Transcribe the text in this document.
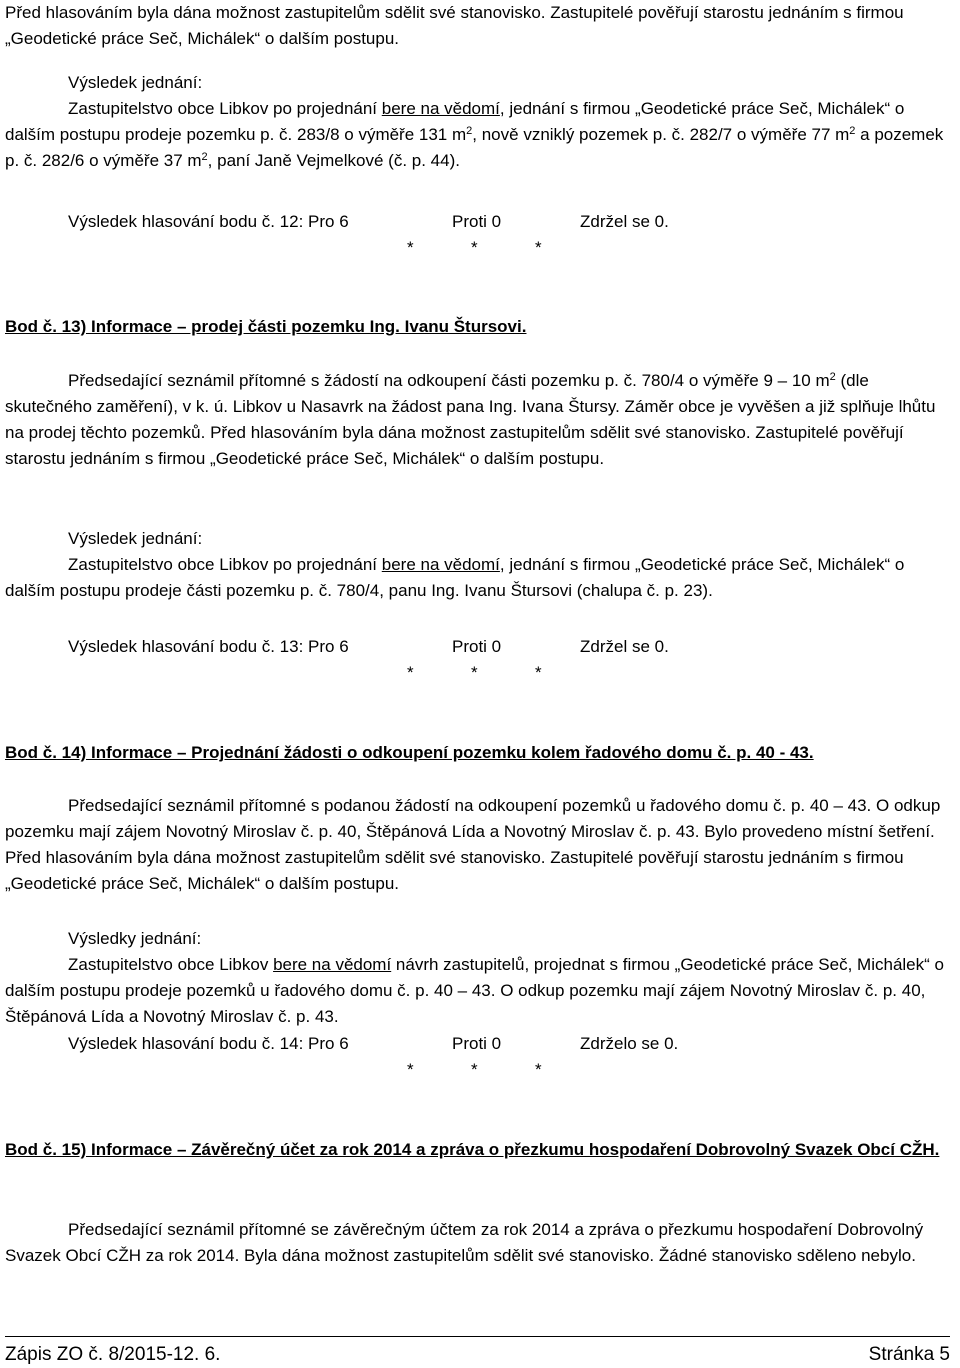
Před hlasováním byla dána možnost zastupitelům sdělit své stanovisko. Zastupitelé pověřují starostu jednáním s firmou „Geodetické práce Seč, Michálek“ o dalším postupu.

Výsledek jednání:

Zastupitelstvo obce Libkov po projednání bere na vědomí, jednání s firmou „Geodetické práce Seč, Michálek“ o dalším postupu prodeje pozemku p. č. 283/8 o výměře 131 $m^2$, nově vzniklý pozemek p. č. 282/7 o výměře 77 $m^2$ a pozemek p. č. 282/6 o výměře 37 $m^2$, paní Janě Vejmelkové (č. p. 44).

Výsledek hlasování bodu č. 12: Pro 6	Proti 0	Zdržel se 0.
*	*	*

Bod č. 13) Informace – prodej části pozemku Ing. Ivanu Štursovi.

Předsedající seznámil přítomné s žádostí na odkoupení části pozemku p. č. 780/4 o výměře 9 – 10 $m^2$ (dle skutečného zaměření), v k. ú. Libkov u Nasavrk na žádost pana Ing. Ivana Štursy. Záměr obce je vyvěšen a již splňuje lhůtu na prodej těchto pozemků. Před hlasováním byla dána možnost zastupitelům sdělit své stanovisko. Zastupitelé pověřují starostu jednáním s firmou „Geodetické práce Seč, Michálek“ o dalším postupu.

Výsledek jednání:

Zastupitelstvo obce Libkov po projednání bere na vědomí, jednání s firmou „Geodetické práce Seč, Michálek“ o dalším postupu prodeje části pozemku p. č. 780/4, panu Ing. Ivanu Štursovi (chalupa č. p. 23).

Výsledek hlasování bodu č. 13: Pro 6	Proti 0	Zdržel se 0.
*	*	*

Bod č. 14) Informace – Projednání žádosti o odkoupení pozemku kolem řadového domu č. p. 40 - 43.

Předsedající seznámil přítomné s podanou žádostí na odkoupení pozemků u řadového domu č. p. 40 – 43. O odkup pozemku mají zájem Novotný Miroslav č. p. 40, Štěpánová Lída a Novotný Miroslav č. p. 43. Bylo provedeno místní šetření. Před hlasováním byla dána možnost zastupitelům sdělit své stanovisko. Zastupitelé pověřují starostu jednáním s firmou „Geodetické práce Seč, Michálek“ o dalším postupu.

Výsledky jednání:

Zastupitelstvo obce Libkov bere na vědomí návrh zastupitelů, projednat s firmou „Geodetické práce Seč, Michálek“ o dalším postupu prodeje pozemků u řadového domu č. p. 40 – 43. O odkup pozemku mají zájem Novotný Miroslav č. p. 40, Štěpánová Lída a Novotný Miroslav č. p. 43.

Výsledek hlasování bodu č. 14: Pro 6	Proti 0	Zdrželo se 0.
*	*	*

Bod č. 15) Informace – Závěrečný účet za rok 2014 a zpráva o přezkumu hospodaření Dobrovolný Svazek Obcí CŽH.

Předsedající seznámil přítomné se závěrečným účtem za rok 2014 a zpráva o přezkumu hospodaření Dobrovolný Svazek Obcí CŽH za rok 2014. Byla dána možnost zastupitelům sdělit své stanovisko. Žádné stanovisko sděleno nebylo.

Zápis ZO č. 8/2015-12. 6.	Stránka 5
